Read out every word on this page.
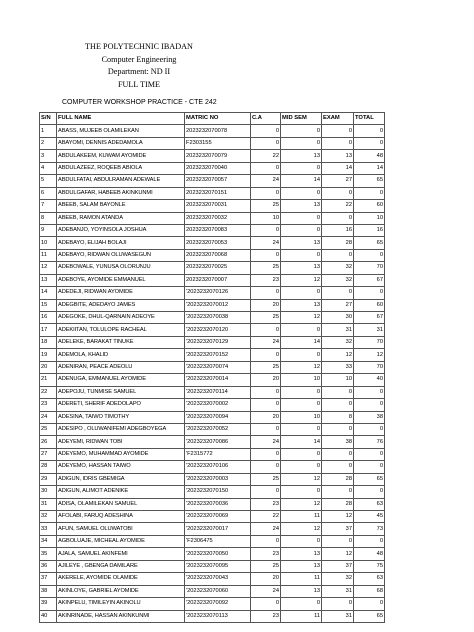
THE POLYTECHNIC IBADAN
Computer Engineering
Department: ND II
FULL TIME
COMPUTER WORKSHOP PRACTICE - CTE 242
S/N	FULL NAME	MATRIC NO	C.A	MID SEM	EXAM	TOTAL
1	ABASS, MUJEEB OLAMILEKAN	2023232070078	0	0	0	0
2	ABAYOMI, DENNIS ADEDAMOLA	F2303155	0	0	0	0
3	ABDULAKEEM, KUWAM AYOMIDE	2023232070079	22	13	13	48
4	ABDULAZEEZ, ROQEEB ABIOLA	2023232070040	0	0	14	14
5	ABDULFATAI, ABDULRAMAN ADEWALE	2023232070057	24	14	27	65
6	ABDULGAFAR, HABEEB AKINKUNMI	2023232070151	0	0	0	0
7	ABEEB, SALAM BAYONLE	2023232070031	25	13	22	60
8	ABEEB, RAMON ATANDA	2023232070032	10	0	0	10
9	ADEBANJO, YOYINSOLA JOSHUA	2023232070083	0	0	16	16
10	ADEBAYO, ELIJAH BOLAJI	2023232070053	24	13	28	65
11	ADEBAYO, RIDWAN OLUWASEGUN	2023232070068	0	0	0	0
12	ADEBOWALE, YUNUSA OLORUNJU	2023232070025	25	13	32	70
13	ADEBOYE, AYOMIDE EMMANUEL	2023232070007	23	12	32	67
14	ADEDEJI, RIDWAN AYOMIDE	'2023232070126	0	0	0	0
15	ADEGBITE, ADEDAYO JAMES	'2023232070012	20	13	27	60
16	ADEGOKE, DHUL-QARNAIN ADEOYE	'2023232070038	25	12	30	67
17	ADEKIITAN, TOLULOPE RACHEAL	'2023232070120	0	0	31	31
18	ADELEKE, BARAKAT TINUKE	'2023232070129	24	14	32	70
19	ADEMOLA, KHALID	'2023232070152	0	0	12	12
20	ADENIRAN, PEACE ADEOLU	'2023232070074	25	12	33	70
21	ADENUGA, EMMANUEL AYOMIDE	'2023232070014	20	10	10	40
22	ADEPOJU, TUNMISE SAMUEL	'2023232070114	0	0	0	0
23	ADERETI, SHERIF ADEDOLAPO	'2023232070002	0	0	0	0
24	ADESINA, TAIWO TIMOTHY	'2023232070094	20	10	8	38
25	ADESIPO , OLUWANIFEMI ADEGBOYEGA	'2023232070052	0	0	0	0
26	ADEYEMI, RIDWAN TOBI	'2023232070086	24	14	38	76
27	ADEYEMO, MUHAMMAD AYOMIDE	'F2315772	0	0	0	0
28	ADEYEMO, HASSAN TAIWO	'2023232070106	0	0	0	0
29	ADIGUN, IDRIS GBEMIGA	'2023232070003	25	12	28	65
30	ADIGUN, ALIMOT ADENIKE	'2023232070150	0	0	0	0
31	ADISA, OLAMILEKAN SAMUEL	'2023232070036	23	12	28	63
32	AFOLABI, FARUQ ADESHINA	'2023232070069	22	11	12	45
33	AFUN, SAMUEL OLUWATOBI	'2023232070017	24	12	37	73
34	AGBOLUAJE, MICHEAL AYOMIDE	'F2306475	0	0	0	0
35	AJALA, SAMUEL AKINFEMI	'2023232070050	23	13	12	48
36	AJILEYE , GBENGA DAMILARE	'2023232070095	25	13	37	75
37	AKERELE, AYOMIDE OLAMIDE	'2023232070043	20	11	32	63
38	AKINLOYE, GABRIEL AYOMIDE	'2023232070060	24	13	31	68
39	AKINPELU, TIMILEYIN AKINOLU	'2023232070092	0	0	0	0
40	AKINRINADE, HASSAN AKINKUNMI	'2023232070113	23	11	31	65
